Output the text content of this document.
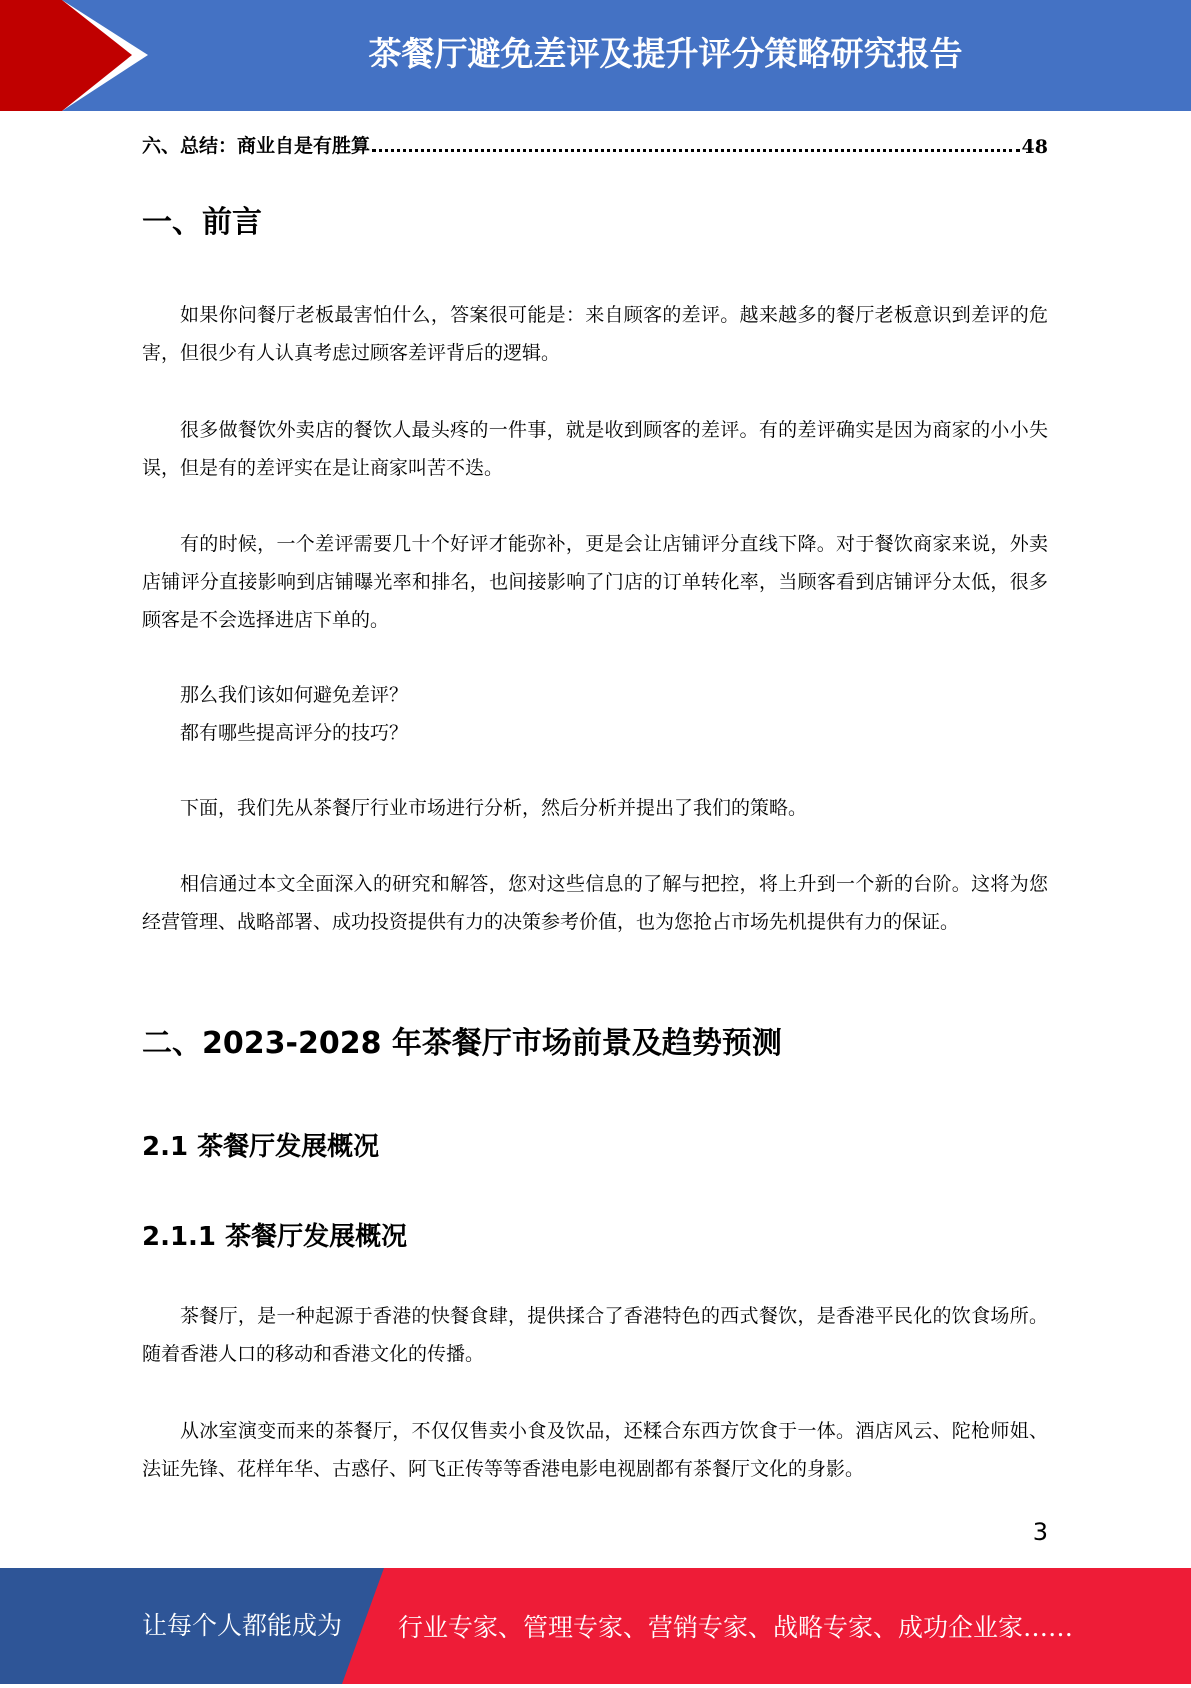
茶餐厅避免差评及提升评分策略研究报告
六、总结：商业自是有胜算	48
一、前言

如果你问餐厅老板最害怕什么，答案很可能是：来自顾客的差评。越来越多的餐厅老板意识到差评的危害，但很少有人认真考虑过顾客差评背后的逻辑。

很多做餐饮外卖店的餐饮人最头疼的一件事，就是收到顾客的差评。有的差评确实是因为商家的小小失误，但是有的差评实在是让商家叫苦不迭。

有的时候，一个差评需要几十个好评才能弥补，更是会让店铺评分直线下降。对于餐饮商家来说，外卖店铺评分直接影响到店铺曝光率和排名，也间接影响了门店的订单转化率，当顾客看到店铺评分太低，很多顾客是不会选择进店下单的。

那么我们该如何避免差评？

都有哪些提高评分的技巧？

下面，我们先从茶餐厅行业市场进行分析，然后分析并提出了我们的策略。

相信通过本文全面深入的研究和解答，您对这些信息的了解与把控，将上升到一个新的台阶。这将为您经营管理、战略部署、成功投资提供有力的决策参考价值，也为您抢占市场先机提供有力的保证。

二、2023-2028 年茶餐厅市场前景及趋势预测
2.1 茶餐厅发展概况
2.1.1 茶餐厅发展概况

茶餐厅，是一种起源于香港的快餐食肆，提供揉合了香港特色的西式餐饮，是香港平民化的饮食场所。随着香港人口的移动和香港文化的传播。

从冰室演变而来的茶餐厅，不仅仅售卖小食及饮品，还糅合东西方饮食于一体。酒店风云、陀枪师姐、法证先锋、花样年华、古惑仔、阿飞正传等等香港电影电视剧都有茶餐厅文化的身影。

3
让每个人都能成为 行业专家、管理专家、营销专家、战略专家、成功企业家……
